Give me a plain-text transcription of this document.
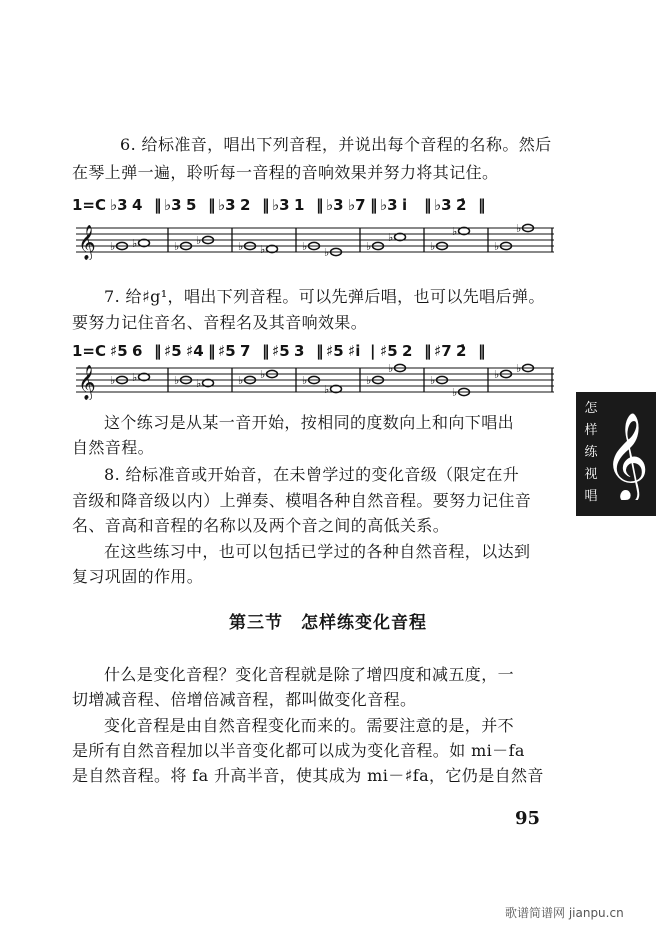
6. 给标准音，唱出下列音程，并说出每个音程的名称。然后
在琴上弹一遍，聆听每一音程的音响效果并努力将其记住。
1=C ♭3 4 ‖ ♭3 5 ‖ ♭3 2 ‖ ♭3 1 ‖ ♭3 ♭7 ‖ ♭3 i ‖ ♭3 2̇ ‖
𝄞 ♭ ♭	♭ ♭	♭ ♭	♭ ♭	♭
♭
♭
♭
♭
♭
7. 给♯g¹，唱出下列音程。可以先弹后唱，也可以先唱后弹。
要努力记住音名、音程名及其音响效果。
1=C ♯5 6 ‖ ♯5 ♯4 ‖ ♯5 7 ‖ ♯5 3 ‖ ♯5 ♯i | ♯5 2 ‖ ♯7 2̇ ‖
𝄞 ♭ ♭	♭ ♭	♭ ♭	♭
♭
♭
♭
♭
♭
♭ ♭
这个练习是从某一音开始，按相同的度数向上和向下唱出
自然音程。
8. 给标准音或开始音，在未曾学过的变化音级（限定在升
音级和降音级以内）上弹奏、模唱各种自然音程。要努力记住音
名、音高和音程的名称以及两个音之间的高低关系。
在这些练习中，也可以包括已学过的各种自然音程，以达到
复习巩固的作用。
第三节　怎样练变化音程
什么是变化音程？变化音程就是除了增四度和减五度，一
切增减音程、倍增倍减音程，都叫做变化音程。
变化音程是由自然音程变化而来的。需要注意的是，并不
是所有自然音程加以半音变化都可以成为变化音程。如 mi－fa
是自然音程。将 fa 升高半音，使其成为 mi－♯fa，它仍是自然音
怎
样
练
视
唱 𝄞
95
歌谱简谱网 jianpu.cn
